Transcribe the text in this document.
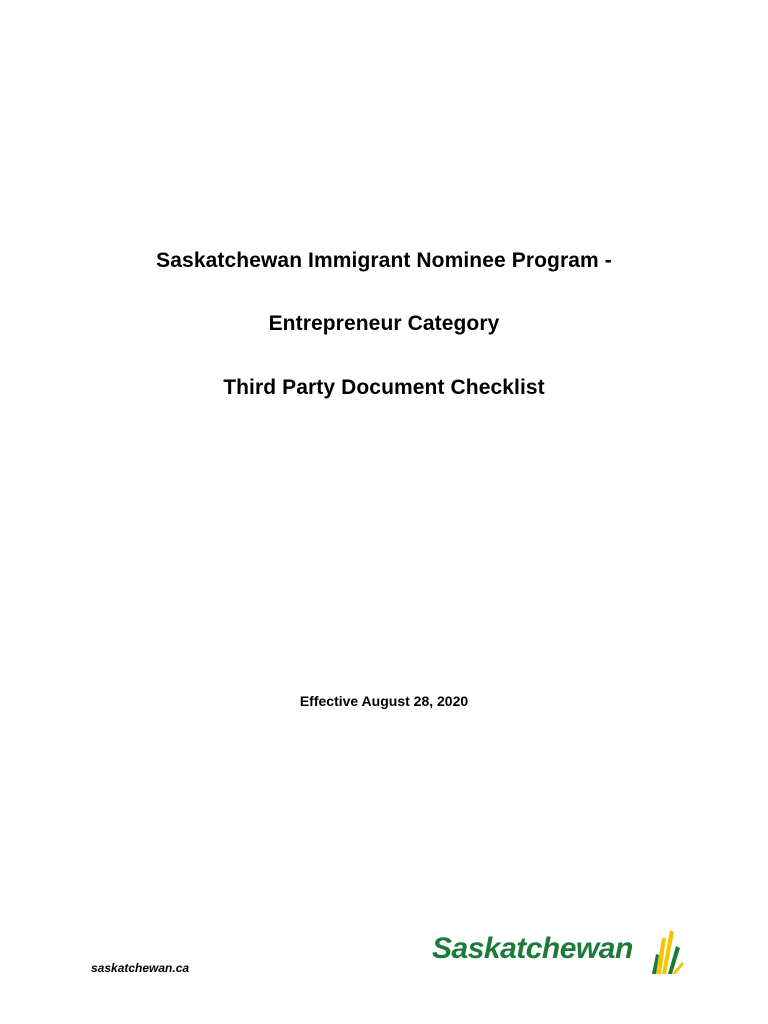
Saskatchewan Immigrant Nominee Program -
Entrepreneur Category
Third Party Document Checklist
Effective August 28, 2020
saskatchewan.ca
Saskatchewan
